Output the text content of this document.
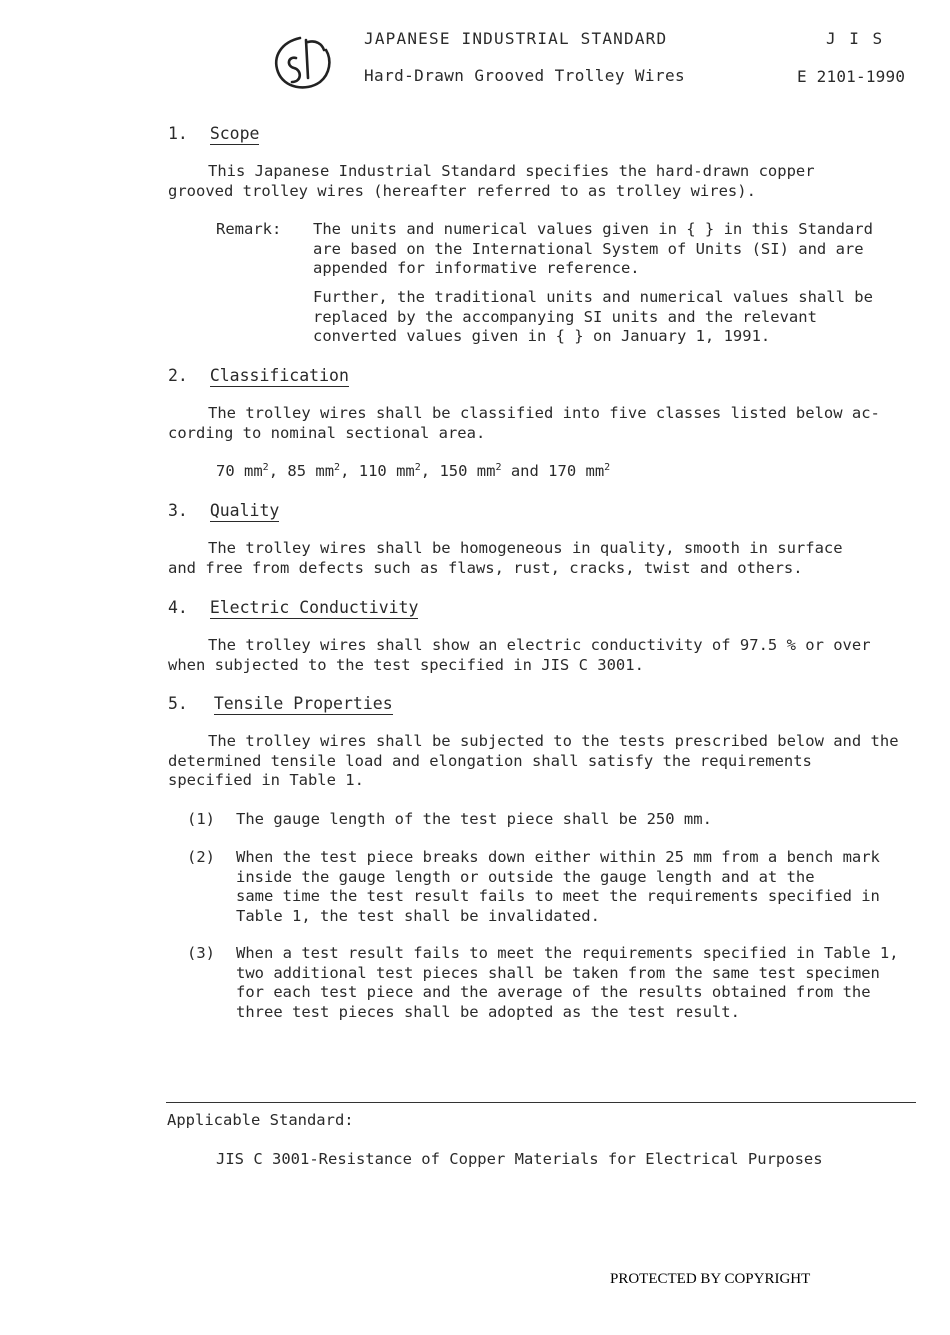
JAPANESE INDUSTRIAL STANDARD	J I S
Hard-Drawn Grooved Trolley Wires	E 2101-1990
1. Scope
This Japanese Industrial Standard specifies the hard-drawn copper
grooved trolley wires (hereafter referred to as trolley wires).
Remark: The units and numerical values given in { } in this Standard
are based on the International System of Units (SI) and are
appended for informative reference.
Further, the traditional units and numerical values shall be
replaced by the accompanying SI units and the relevant
converted values given in { } on January 1, 1991.
2. Classification
The trolley wires shall be classified into five classes listed below ac-
cording to nominal sectional area.
70 $mm^2$, 85 $mm^2$, 110 $mm^2$, 150 $mm^2$ and 170 $mm^2$
3. Quality
The trolley wires shall be homogeneous in quality, smooth in surface
and free from defects such as flaws, rust, cracks, twist and others.
4. Electric Conductivity
The trolley wires shall show an electric conductivity of 97.5 % or over
when subjected to the test specified in JIS C 3001.
5. Tensile Properties
The trolley wires shall be subjected to the tests prescribed below and the
determined tensile load and elongation shall satisfy the requirements
specified in Table 1.
(1) The gauge length of the test piece shall be 250 mm.
(2) When the test piece breaks down either within 25 mm from a bench mark
inside the gauge length or outside the gauge length and at the
same time the test result fails to meet the requirements specified in
Table 1, the test shall be invalidated.
(3) When a test result fails to meet the requirements specified in Table 1,
two additional test pieces shall be taken from the same test specimen
for each test piece and the average of the results obtained from the
three test pieces shall be adopted as the test result.
Applicable Standard:
JIS C 3001-Resistance of Copper Materials for Electrical Purposes
PROTECTED BY COPYRIGHT
